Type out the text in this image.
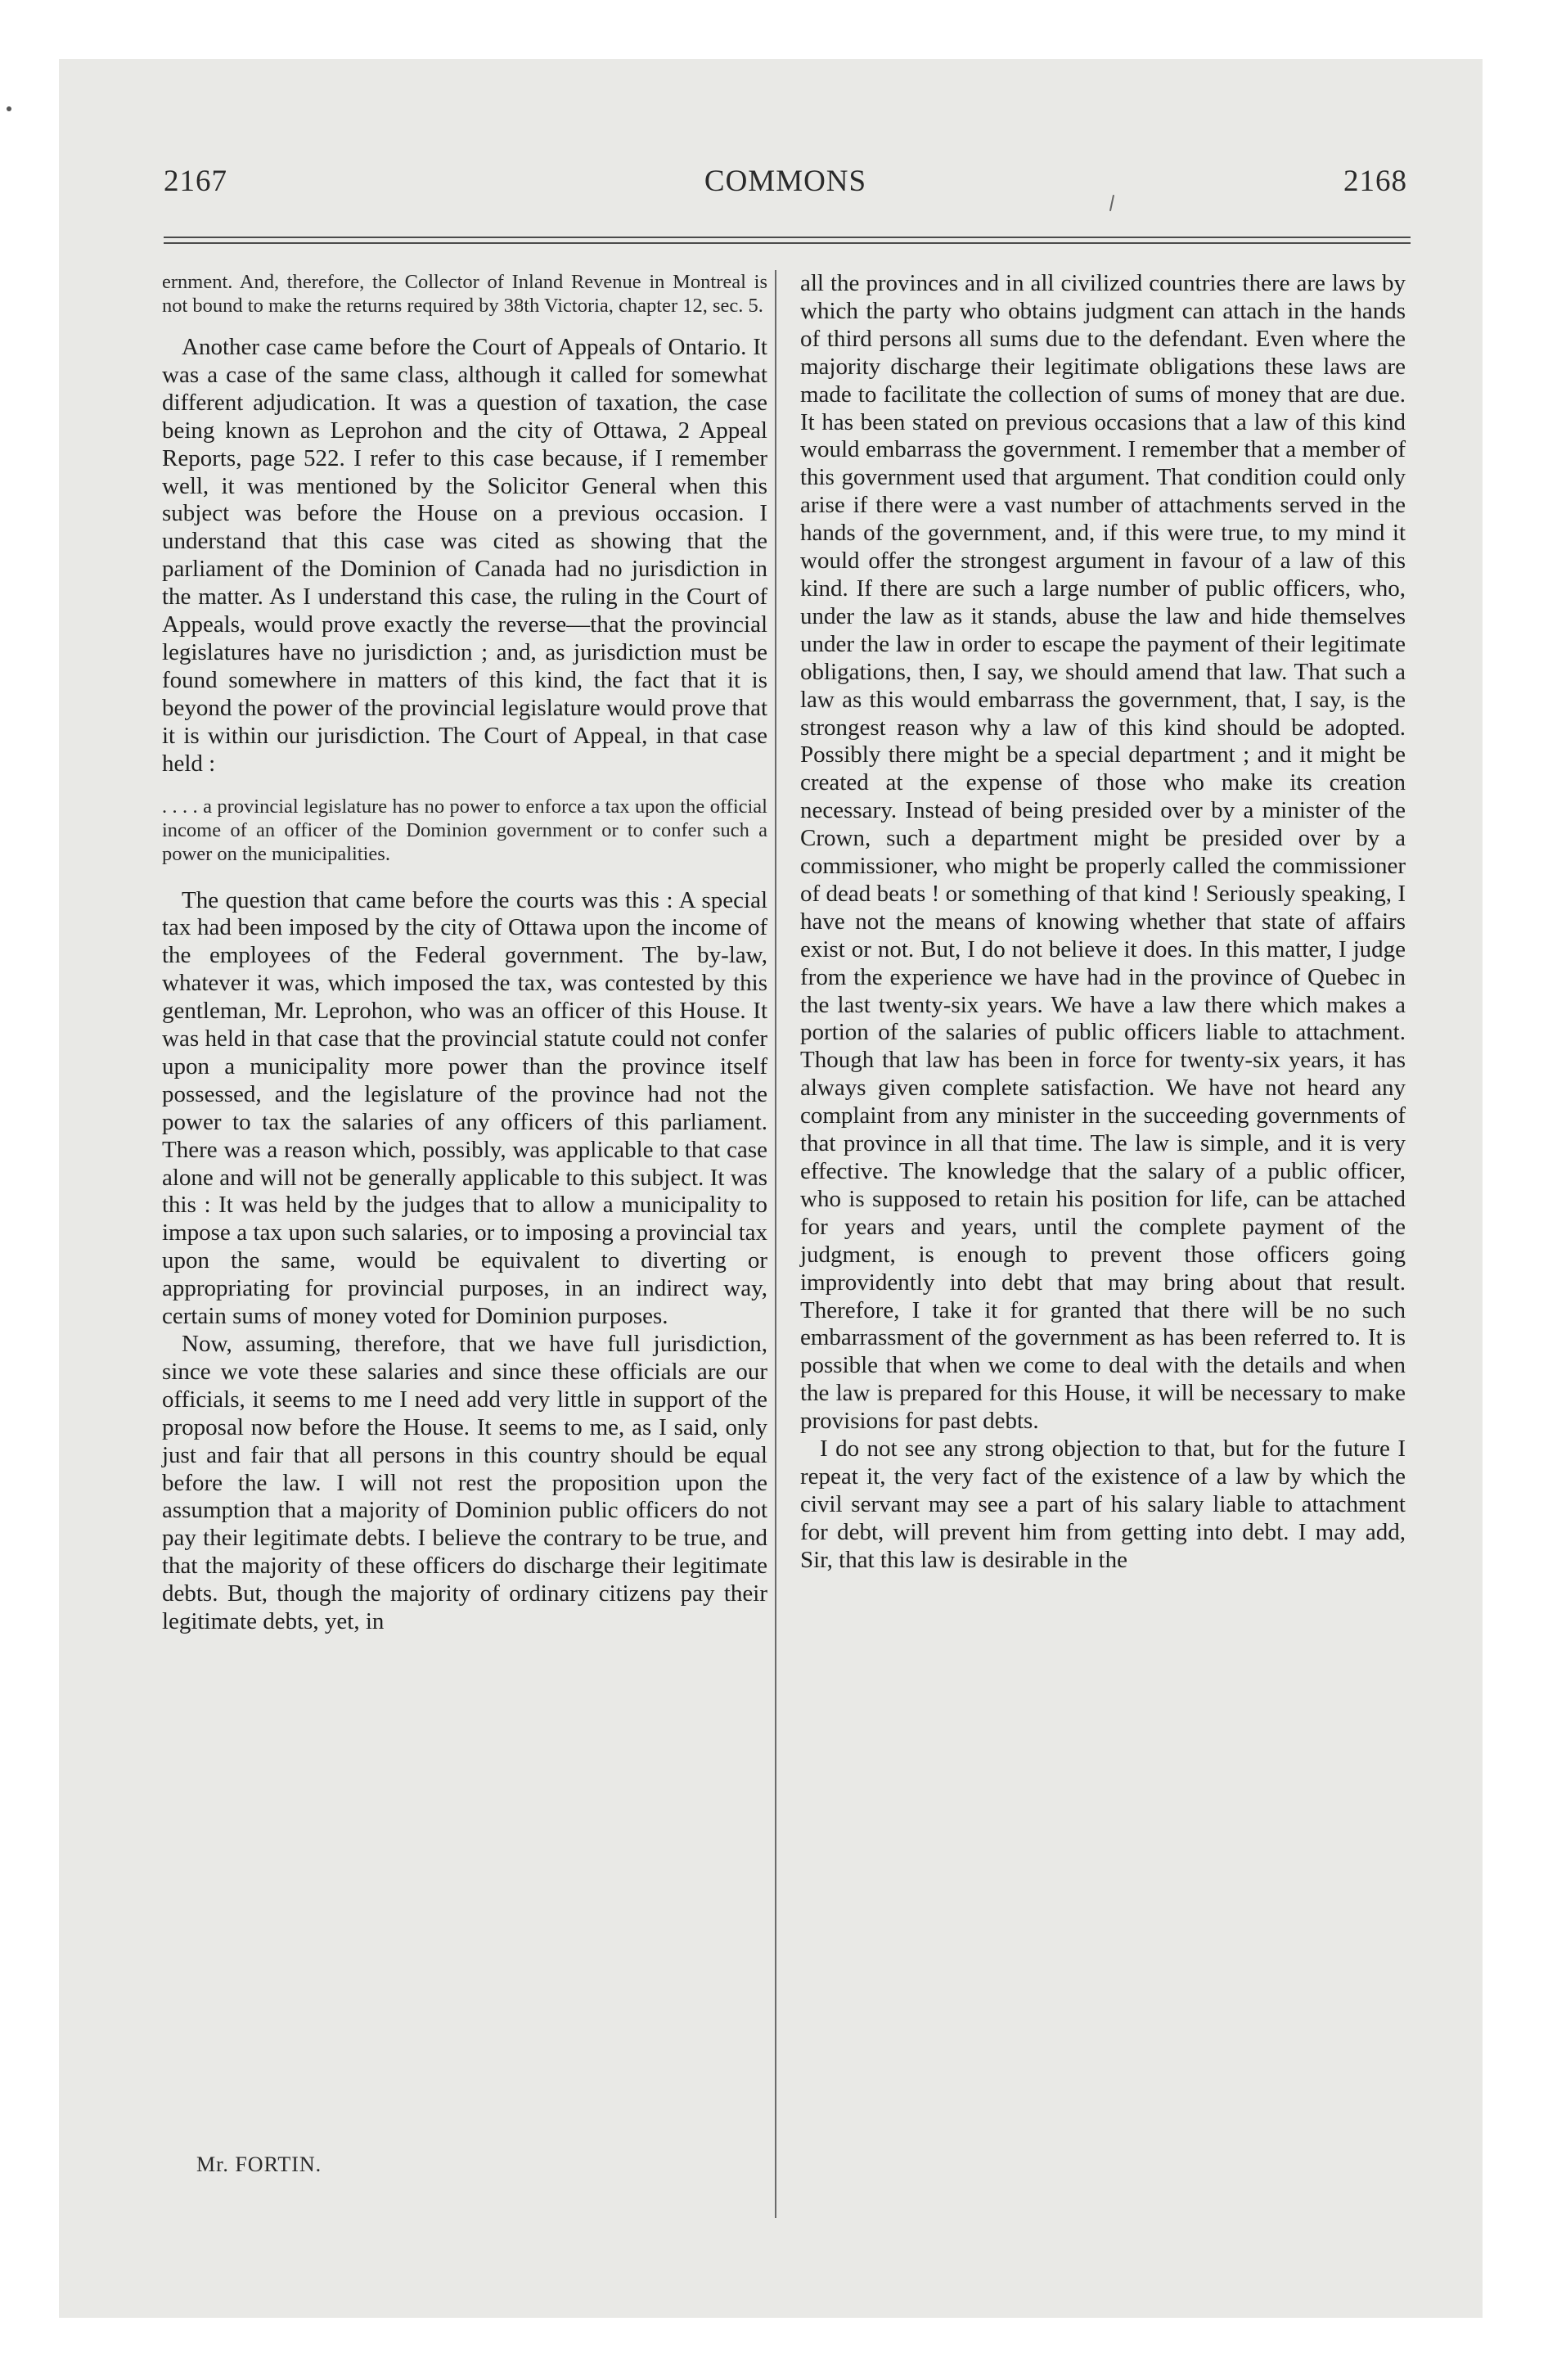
2167	COMMONS	2168

ernment. And, therefore, the Collector of Inland Revenue in Montreal is not bound to make the returns required by 38th Victoria, chapter 12, sec. 5.

Another case came before the Court of Appeals of Ontario. It was a case of the same class, although it called for somewhat different adjudication. It was a question of taxation, the case being known as Leprohon and the city of Ottawa, 2 Appeal Reports, page 522. I refer to this case because, if I remember well, it was mentioned by the Solicitor General when this subject was before the House on a previous occasion. I understand that this case was cited as showing that the parliament of the Dominion of Canada had no jurisdiction in the matter. As I understand this case, the ruling in the Court of Appeals, would prove exactly the reverse—that the provincial legislatures have no jurisdiction ; and, as jurisdiction must be found somewhere in matters of this kind, the fact that it is beyond the power of the provincial legislature would prove that it is within our jurisdiction. The Court of Appeal, in that case held :

. . . . a provincial legislature has no power to enforce a tax upon the official income of an officer of the Dominion government or to confer such a power on the municipalities.

The question that came before the courts was this : A special tax had been imposed by the city of Ottawa upon the income of the employees of the Federal government. The by-law, whatever it was, which imposed the tax, was contested by this gentleman, Mr. Leprohon, who was an officer of this House. It was held in that case that the provincial statute could not confer upon a municipality more power than the province itself possessed, and the legislature of the province had not the power to tax the salaries of any officers of this parliament. There was a reason which, possibly, was applicable to that case alone and will not be generally applicable to this subject. It was this : It was held by the judges that to allow a municipality to impose a tax upon such salaries, or to imposing a provincial tax upon the same, would be equivalent to diverting or appropriating for provincial purposes, in an indirect way, certain sums of money voted for Dominion purposes.

Now, assuming, therefore, that we have full jurisdiction, since we vote these salaries and since these officials are our officials, it seems to me I need add very little in support of the proposal now before the House. It seems to me, as I said, only just and fair that all persons in this country should be equal before the law. I will not rest the proposition upon the assumption that a majority of Dominion public officers do not pay their legitimate debts. I believe the contrary to be true, and that the majority of these officers do discharge their legitimate debts. But, though the majority of ordinary citizens pay their legitimate debts, yet, in

Mr. FORTIN.

all the provinces and in all civilized countries there are laws by which the party who obtains judgment can attach in the hands of third persons all sums due to the defendant. Even where the majority discharge their legitimate obligations these laws are made to facilitate the collection of sums of money that are due. It has been stated on previous occasions that a law of this kind would embarrass the government. I remember that a member of this government used that argument. That condition could only arise if there were a vast number of attachments served in the hands of the government, and, if this were true, to my mind it would offer the strongest argument in favour of a law of this kind. If there are such a large number of public officers, who, under the law as it stands, abuse the law and hide themselves under the law in order to escape the payment of their legitimate obligations, then, I say, we should amend that law. That such a law as this would embarrass the government, that, I say, is the strongest reason why a law of this kind should be adopted. Possibly there might be a special department ; and it might be created at the expense of those who make its creation necessary. Instead of being presided over by a minister of the Crown, such a department might be presided over by a commissioner, who might be properly called the commissioner of dead beats ! or something of that kind ! Seriously speaking, I have not the means of knowing whether that state of affairs exist or not. But, I do not believe it does. In this matter, I judge from the experience we have had in the province of Quebec in the last twenty-six years. We have a law there which makes a portion of the salaries of public officers liable to attachment. Though that law has been in force for twenty-six years, it has always given complete satisfaction. We have not heard any complaint from any minister in the succeeding governments of that province in all that time. The law is simple, and it is very effective. The knowledge that the salary of a public officer, who is supposed to retain his position for life, can be attached for years and years, until the complete payment of the judgment, is enough to prevent those officers going improvidently into debt that may bring about that result. Therefore, I take it for granted that there will be no such embarrassment of the government as has been referred to. It is possible that when we come to deal with the details and when the law is prepared for this House, it will be necessary to make provisions for past debts.

I do not see any strong objection to that, but for the future I repeat it, the very fact of the existence of a law by which the civil servant may see a part of his salary liable to attachment for debt, will prevent him from getting into debt. I may add, Sir, that this law is desirable in the
